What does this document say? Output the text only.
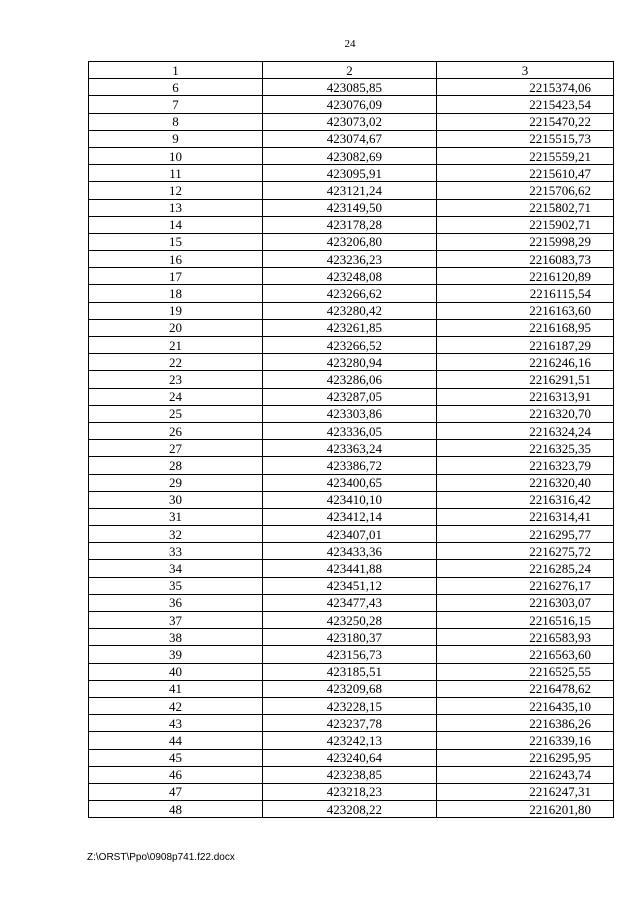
24
1	2	3
6	423085,85	2215374,06
7	423076,09	2215423,54
8	423073,02	2215470,22
9	423074,67	2215515,73
10	423082,69	2215559,21
11	423095,91	2215610,47
12	423121,24	2215706,62
13	423149,50	2215802,71
14	423178,28	2215902,71
15	423206,80	2215998,29
16	423236,23	2216083,73
17	423248,08	2216120,89
18	423266,62	2216115,54
19	423280,42	2216163,60
20	423261,85	2216168,95
21	423266,52	2216187,29
22	423280,94	2216246,16
23	423286,06	2216291,51
24	423287,05	2216313,91
25	423303,86	2216320,70
26	423336,05	2216324,24
27	423363,24	2216325,35
28	423386,72	2216323,79
29	423400,65	2216320,40
30	423410,10	2216316,42
31	423412,14	2216314,41
32	423407,01	2216295,77
33	423433,36	2216275,72
34	423441,88	2216285,24
35	423451,12	2216276,17
36	423477,43	2216303,07
37	423250,28	2216516,15
38	423180,37	2216583,93
39	423156,73	2216563,60
40	423185,51	2216525,55
41	423209,68	2216478,62
42	423228,15	2216435,10
43	423237,78	2216386,26
44	423242,13	2216339,16
45	423240,64	2216295,95
46	423238,85	2216243,74
47	423218,23	2216247,31
48	423208,22	2216201,80
Z:\ORST\Ppo\0908p741.f22.docx
